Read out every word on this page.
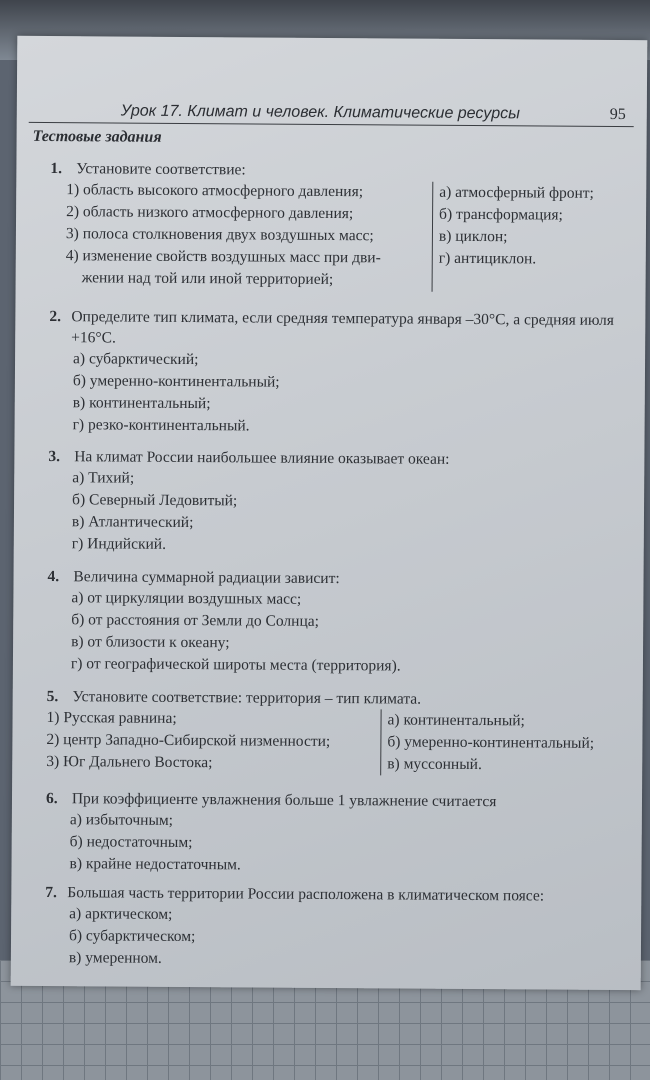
Урок 17. Климат и человек. Климатические ресурсы	95
Тестовые задания
1. Установите соответствие:
1) область высокого атмосферного давления;
2) область низкого атмосферного давления;
3) полоса столкновения двух воздушных масс;
4) изменение свойств воздушных масс при дви-
жении над той или иной территорией;
а) атмосферный фронт;
б) трансформация;
в) циклон;
г) антициклон.
2. Определите тип климата, если средняя температура января –30°С, а средняя июля +16°С.
а) субарктический;
б) умеренно-континентальный;
в) континентальный;
г) резко-континентальный.
3. На климат России наибольшее влияние оказывает океан:
а) Тихий;
б) Северный Ледовитый;
в) Атлантический;
г) Индийский.
4. Величина суммарной радиации зависит:
а) от циркуляции воздушных масс;
б) от расстояния от Земли до Солнца;
в) от близости к океану;
г) от географической широты места (территория).
5. Установите соответствие: территория – тип климата.
1) Русская равнина;
2) центр Западно-Сибирской низменности;
3) Юг Дальнего Востока;
а) континентальный;
б) умеренно-континентальный;
в) муссонный.
6. При коэффициенте увлажнения больше 1 увлажнение считается
а) избыточным;
б) недостаточным;
в) крайне недостаточным.
7. Большая часть территории России расположена в климатическом поясе:
а) арктическом;
б) субарктическом;
в) умеренном.
